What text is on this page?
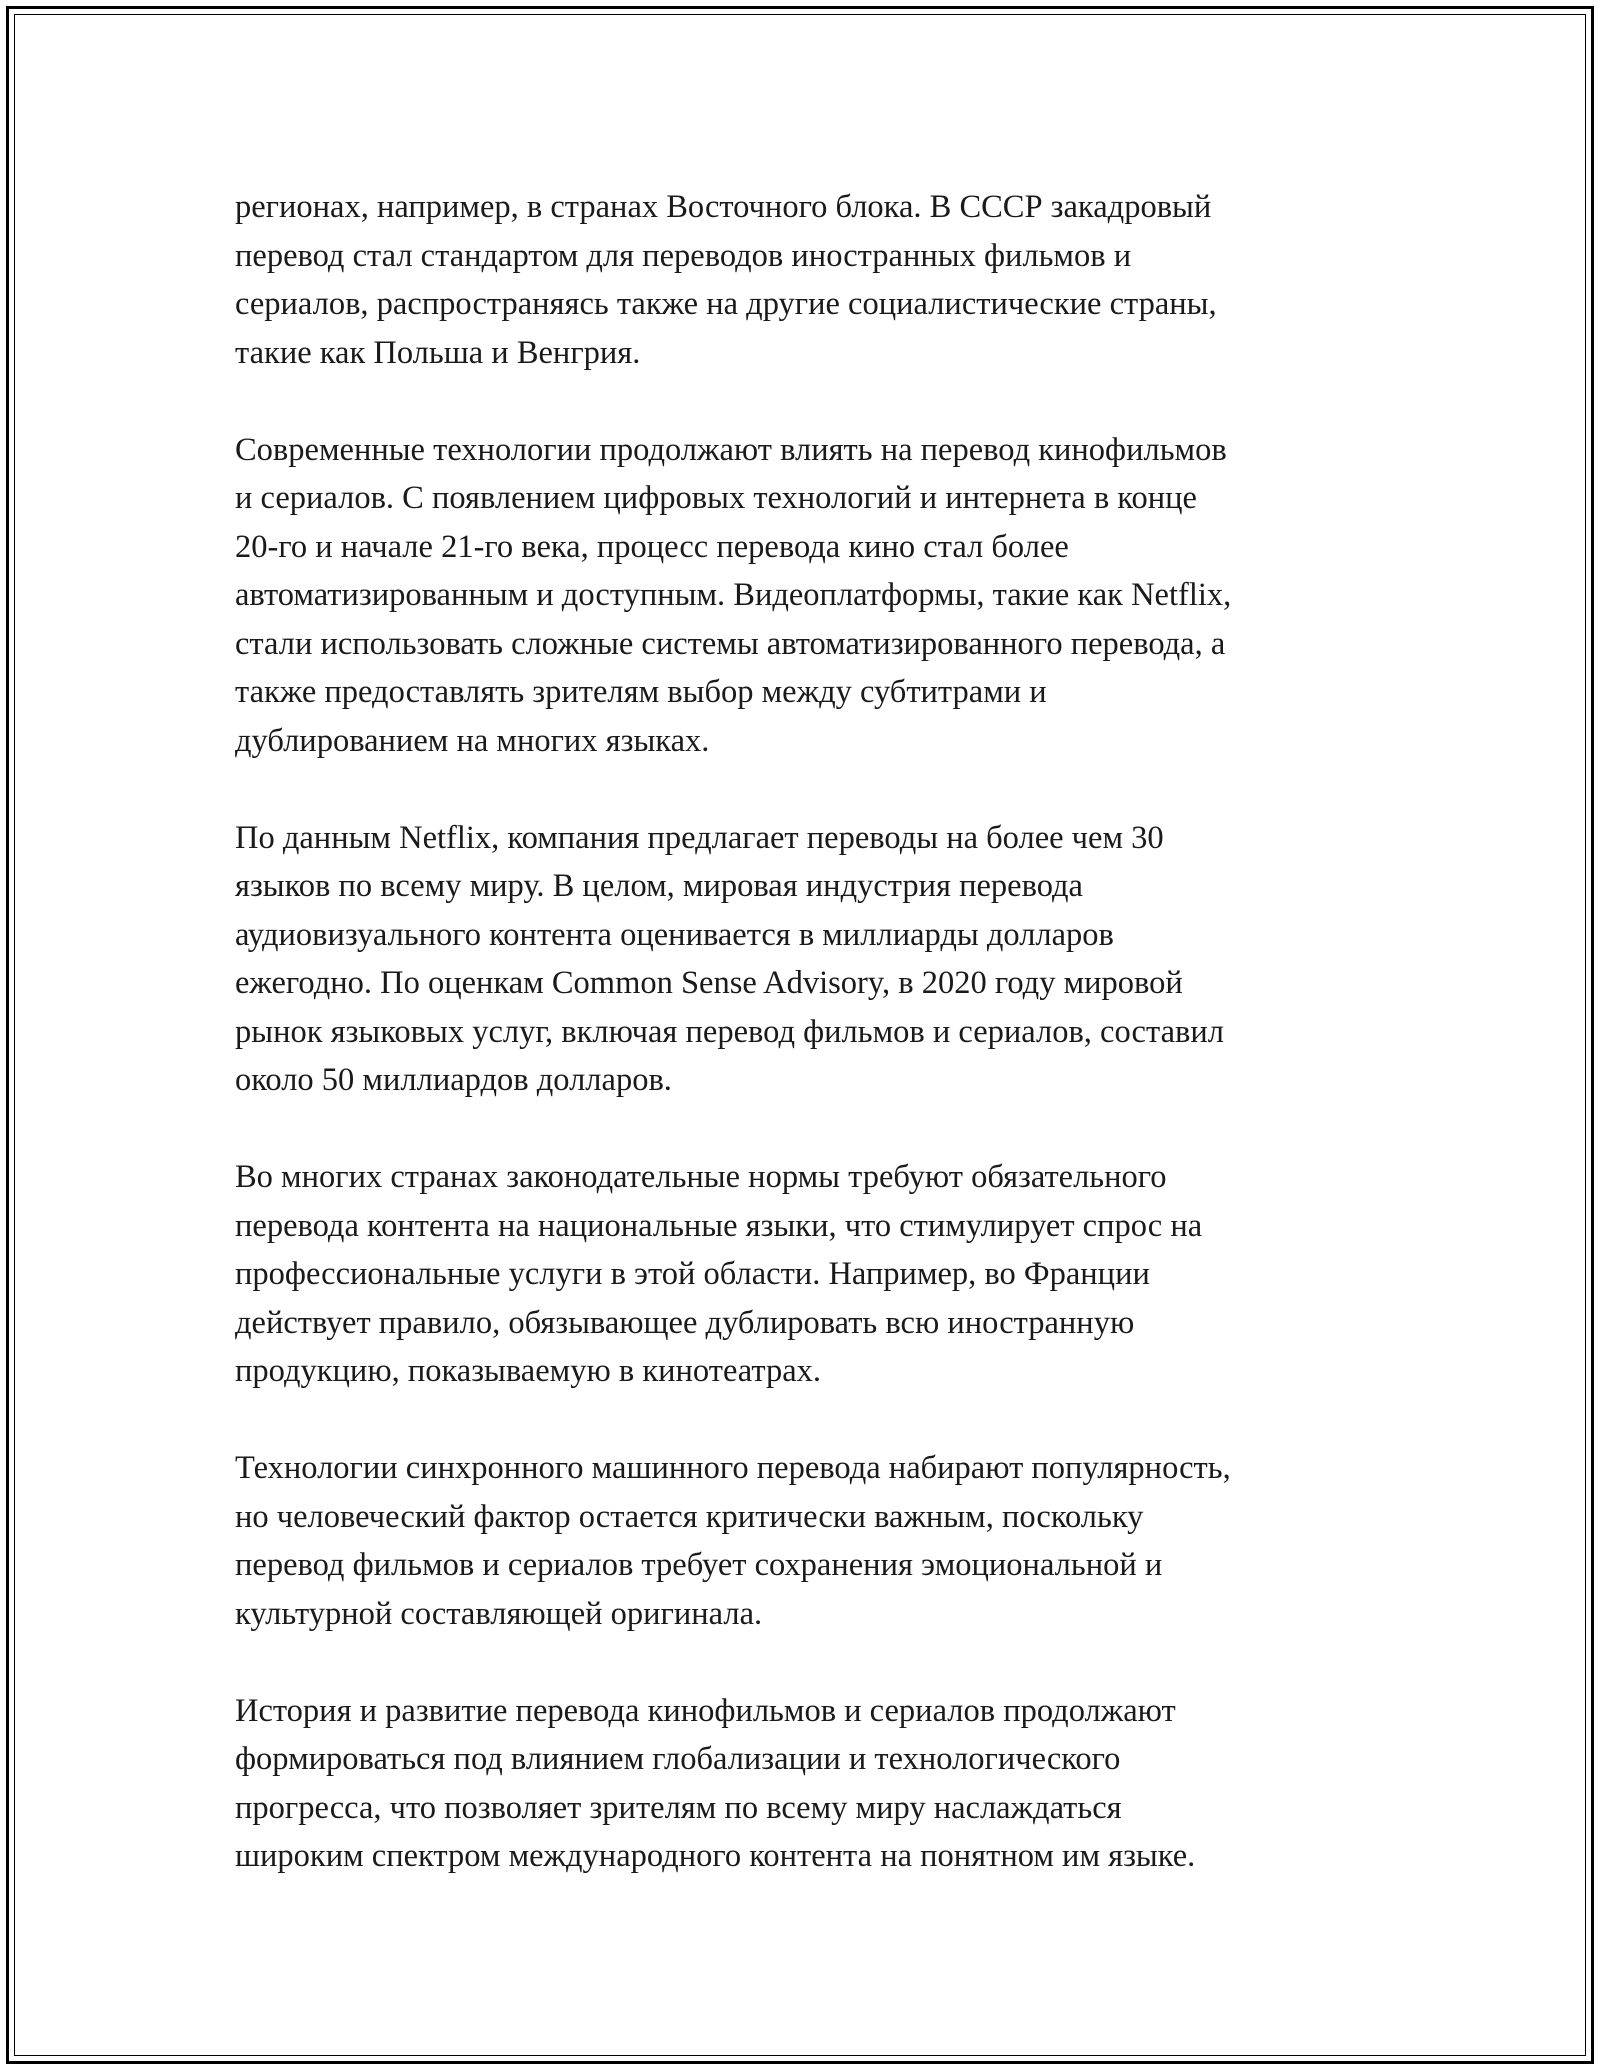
регионах, например, в странах Восточного блока. В СССР закадровый
перевод стал стандартом для переводов иностранных фильмов и
сериалов, распространяясь также на другие социалистические страны,
такие как Польша и Венгрия.

Современные технологии продолжают влиять на перевод кинофильмов
и сериалов. С появлением цифровых технологий и интернета в конце
20-го и начале 21-го века, процесс перевода кино стал более
автоматизированным и доступным. Видеоплатформы, такие как Netflix,
стали использовать сложные системы автоматизированного перевода, а
также предоставлять зрителям выбор между субтитрами и
дублированием на многих языках.

По данным Netflix, компания предлагает переводы на более чем 30
языков по всему миру. В целом, мировая индустрия перевода
аудиовизуального контента оценивается в миллиарды долларов
ежегодно. По оценкам Common Sense Advisory, в 2020 году мировой
рынок языковых услуг, включая перевод фильмов и сериалов, составил
около 50 миллиардов долларов.

Во многих странах законодательные нормы требуют обязательного
перевода контента на национальные языки, что стимулирует спрос на
профессиональные услуги в этой области. Например, во Франции
действует правило, обязывающее дублировать всю иностранную
продукцию, показываемую в кинотеатрах.

Технологии синхронного машинного перевода набирают популярность,
но человеческий фактор остается критически важным, поскольку
перевод фильмов и сериалов требует сохранения эмоциональной и
культурной составляющей оригинала.

История и развитие перевода кинофильмов и сериалов продолжают
формироваться под влиянием глобализации и технологического
прогресса, что позволяет зрителям по всему миру наслаждаться
широким спектром международного контента на понятном им языке.
